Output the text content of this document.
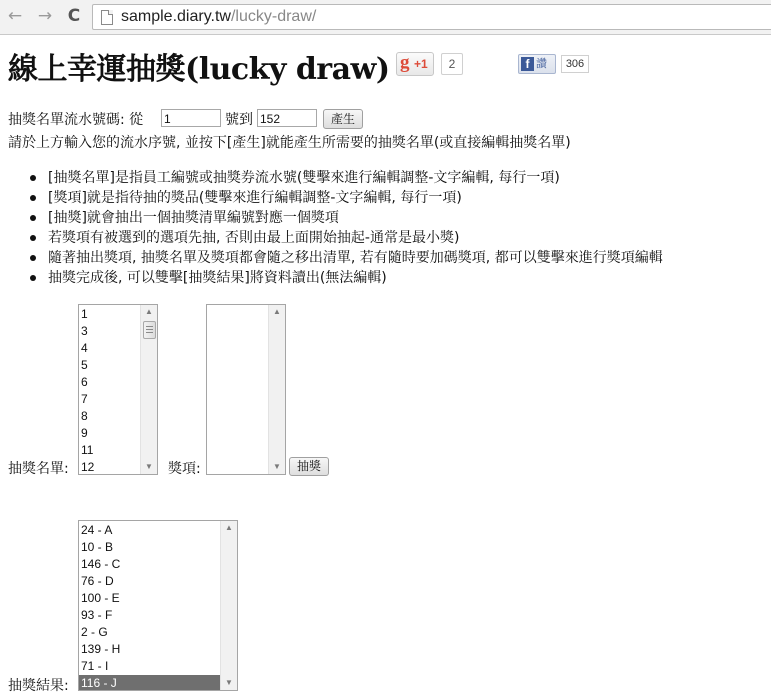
← → C	sample.diary.tw/lucky-draw/
線上幸運抽獎(lucky draw) g +1	2	f 讚	306
抽獎名單流水號碼: 從 1	號到 152	產生
請於上方輸入您的流水序號, 並按下[產生]就能產生所需要的抽獎名單(或直接編輯抽獎名單)
[抽獎名單]是指員工編號或抽獎券流水號(雙擊來進行編輯調整-文字編輯, 每行一項)
[獎項]就是指待抽的獎品(雙擊來進行編輯調整-文字編輯, 每行一項)
[抽獎]就會抽出一個抽獎清單編號對應一個獎項
若獎項有被選到的選項先抽, 否則由最上面開始抽起-通常是最小獎)
隨著抽出獎項, 抽獎名單及獎項都會隨之移出清單, 若有隨時要加碼獎項, 都可以雙擊來進行獎項編輯
抽獎完成後, 可以雙擊[抽獎結果]將資料讀出(無法編輯)
抽獎名單:
1
3
4
5
6
7
8
9
11
12
▲
▼ 獎項:
▲
▼	抽獎
抽獎結果:
24 - A
10 - B
146 - C
76 - D
100 - E
93 - F
2 - G
139 - H
71 - I
116 - J
▲
▼
